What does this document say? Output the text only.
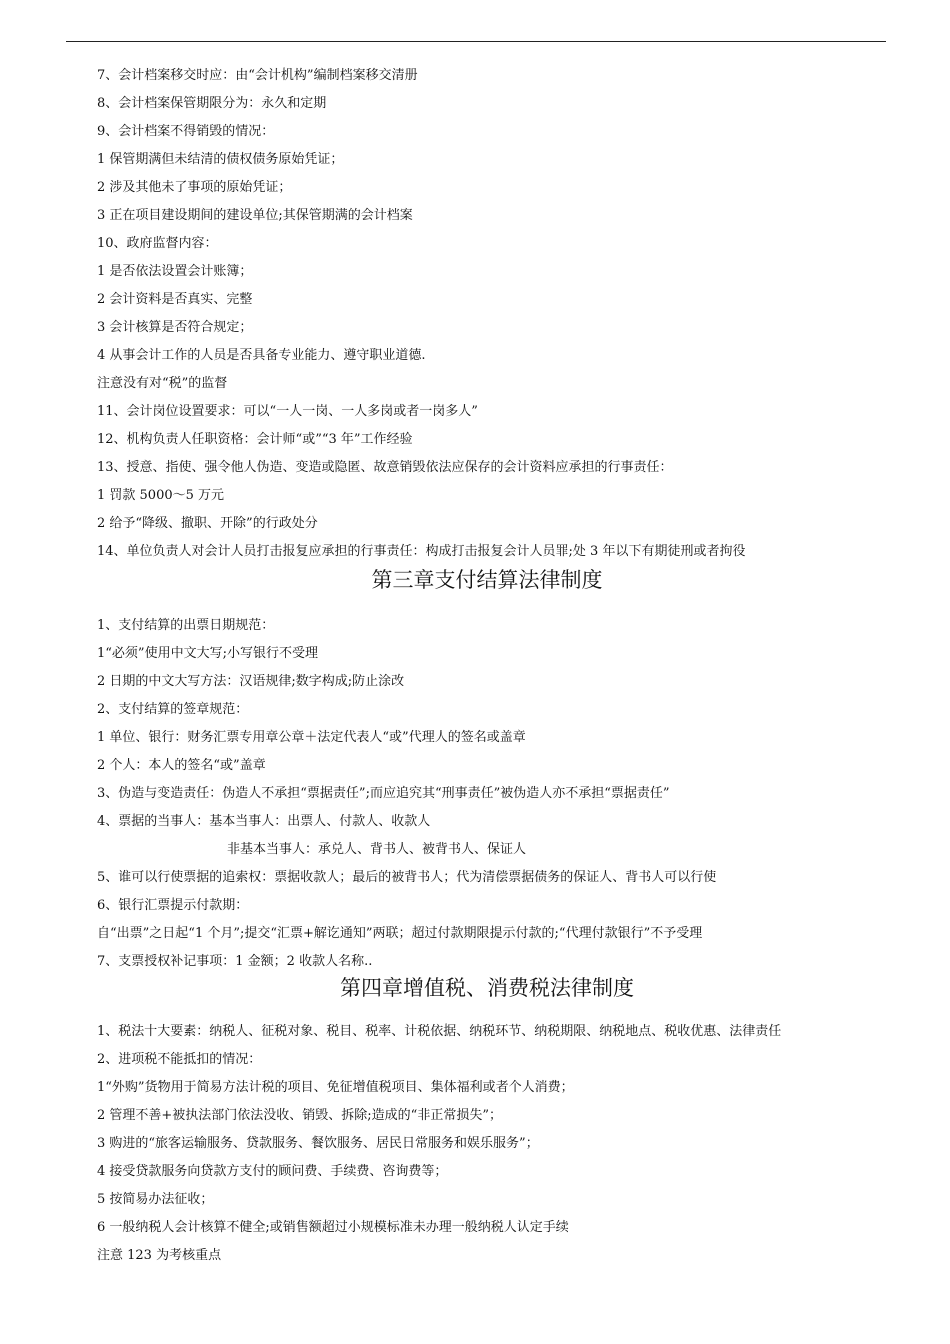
7、会计档案移交时应：由“会计机构”编制档案移交清册
8、会计档案保管期限分为：永久和定期
9、会计档案不得销毁的情况：
1 保管期满但未结清的债权债务原始凭证；
2 涉及其他未了事项的原始凭证；
3 正在项目建设期间的建设单位;其保管期满的会计档案
10、政府监督内容：
1 是否依法设置会计账簿；
2 会计资料是否真实、完整
3 会计核算是否符合规定；
4 从事会计工作的人员是否具备专业能力、遵守职业道德.
注意没有对“税”的监督
11、会计岗位设置要求：可以“一人一岗、一人多岗或者一岗多人”
12、机构负责人任职资格：会计师“或”“3 年”工作经验
13、授意、指使、强令他人伪造、变造或隐匿、故意销毁依法应保存的会计资料应承担的行事责任：
1 罚款 5000～5 万元
2 给予“降级、撤职、开除”的行政处分
14、单位负责人对会计人员打击报复应承担的行事责任：构成打击报复会计人员罪;处 3 年以下有期徒刑或者拘役
第三章支付结算法律制度
1、支付结算的出票日期规范：
1“必须”使用中文大写;小写银行不受理
2 日期的中文大写方法：汉语规律;数字构成;防止涂改
2、支付结算的签章规范：
1 单位、银行：财务汇票专用章公章＋法定代表人“或”代理人的签名或盖章
2 个人：本人的签名“或”盖章
3、伪造与变造责任：伪造人不承担“票据责任”;而应追究其“刑事责任”被伪造人亦不承担“票据责任”
4、票据的当事人：基本当事人：出票人、付款人、收款人
非基本当事人：承兑人、背书人、被背书人、保证人
5、谁可以行使票据的追索权：票据收款人；最后的被背书人；代为清偿票据债务的保证人、背书人可以行使
6、银行汇票提示付款期：
自“出票”之日起“1 个月”;提交“汇票+解讫通知”两联；超过付款期限提示付款的;“代理付款银行”不予受理
7、支票授权补记事项：1 金额；2 收款人名称..
第四章增值税、消费税法律制度
1、税法十大要素：纳税人、征税对象、税目、税率、计税依据、纳税环节、纳税期限、纳税地点、税收优惠、法律责任
2、进项税不能抵扣的情况：
1“外购”货物用于简易方法计税的项目、免征增值税项目、集体福利或者个人消费；
2 管理不善+被执法部门依法没收、销毁、拆除;造成的“非正常损失”；
3 购进的“旅客运输服务、贷款服务、餐饮服务、居民日常服务和娱乐服务”；
4 接受贷款服务向贷款方支付的顾问费、手续费、咨询费等；
5 按简易办法征收；
6 一般纳税人会计核算不健全;或销售额超过小规模标准未办理一般纳税人认定手续
注意 123 为考核重点
